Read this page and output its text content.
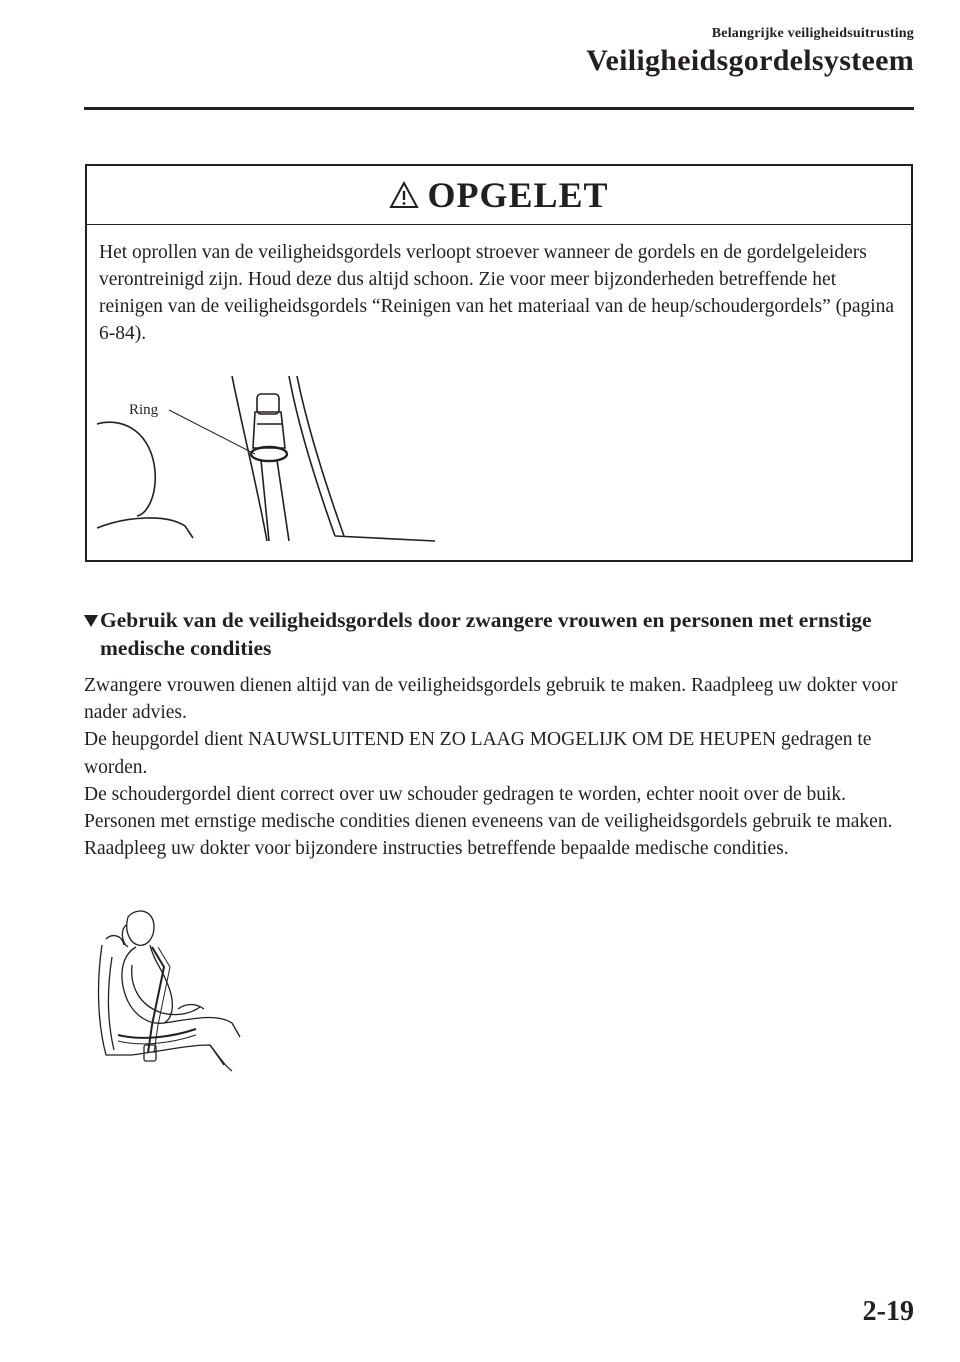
Belangrijke veiligheidsuitrusting
Veiligheidsgordelsysteem
OPGELET
Het oprollen van de veiligheidsgordels verloopt stroever wanneer de gordels en de gordelgeleiders verontreinigd zijn. Houd deze dus altijd schoon. Zie voor meer bijzonderheden betreffende het reinigen van de veiligheidsgordels “Reinigen van het materiaal van de heup/schoudergordels” (pagina 6-84).
Ring
Gebruik van de veiligheidsgordels door zwangere vrouwen en personen met ernstige medische condities

Zwangere vrouwen dienen altijd van de veiligheidsgordels gebruik te maken. Raadpleeg uw dokter voor nader advies.

De heupgordel dient NAUWSLUITEND EN ZO LAAG MOGELIJK OM DE HEUPEN gedragen te worden.

De schoudergordel dient correct over uw schouder gedragen te worden, echter nooit over de buik.

Personen met ernstige medische condities dienen eveneens van de veiligheidsgordels gebruik te maken. Raadpleeg uw dokter voor bijzondere instructies betreffende bepaalde medische condities.

2-19
